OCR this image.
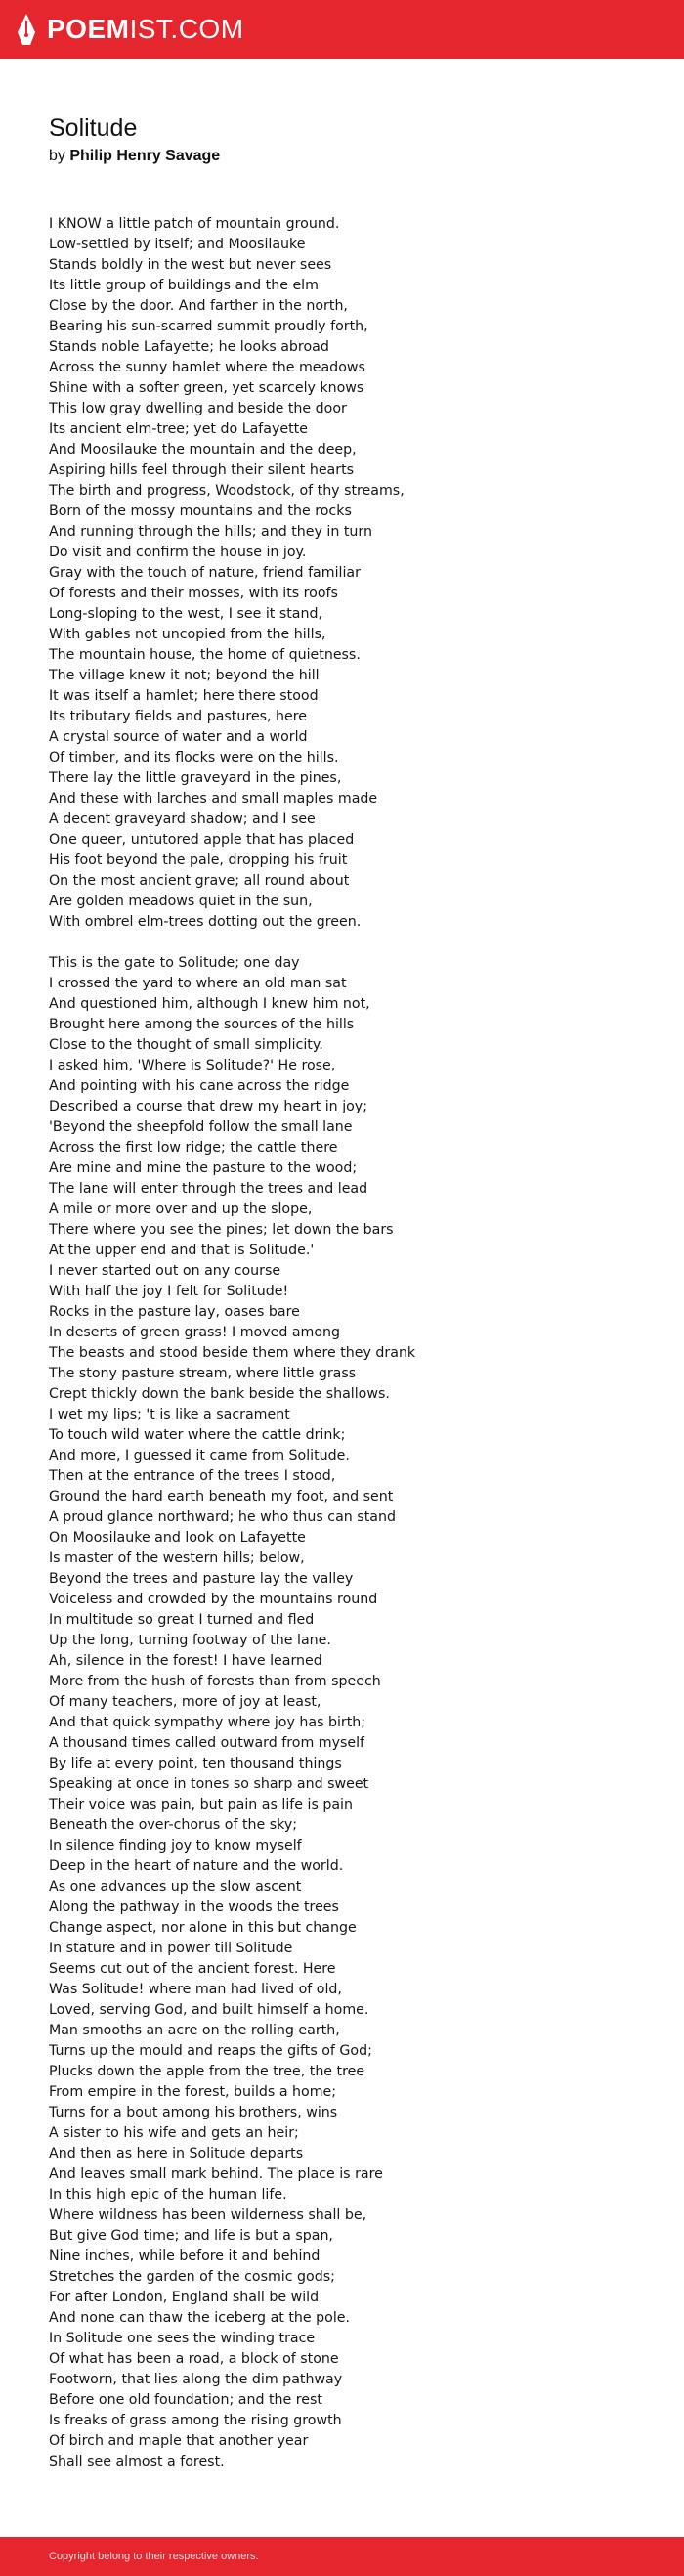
POEMIST.COM
Solitude
by Philip Henry Savage
I KNOW a little patch of mountain ground.
Low-settled by itself; and Moosilauke
Stands boldly in the west but never sees
Its little group of buildings and the elm
Close by the door. And farther in the north,
Bearing his sun-scarred summit proudly forth,
Stands noble Lafayette; he looks abroad
Across the sunny hamlet where the meadows
Shine with a softer green, yet scarcely knows
This low gray dwelling and beside the door
Its ancient elm-tree; yet do Lafayette
And Moosilauke the mountain and the deep,
Aspiring hills feel through their silent hearts
The birth and progress, Woodstock, of thy streams,
Born of the mossy mountains and the rocks
And running through the hills; and they in turn
Do visit and confirm the house in joy.
Gray with the touch of nature, friend familiar
Of forests and their mosses, with its roofs
Long-sloping to the west, I see it stand,
With gables not uncopied from the hills,
The mountain house, the home of quietness.
The village knew it not; beyond the hill
It was itself a hamlet; here there stood
Its tributary fields and pastures, here
A crystal source of water and a world
Of timber, and its flocks were on the hills.
There lay the little graveyard in the pines,
And these with larches and small maples made
A decent graveyard shadow; and I see
One queer, untutored apple that has placed
His foot beyond the pale, dropping his fruit
On the most ancient grave; all round about
Are golden meadows quiet in the sun,
With ombrel elm-trees dotting out the green.
This is the gate to Solitude; one day
I crossed the yard to where an old man sat
And questioned him, although I knew him not,
Brought here among the sources of the hills
Close to the thought of small simplicity.
I asked him, 'Where is Solitude?' He rose,
And pointing with his cane across the ridge
Described a course that drew my heart in joy;
'Beyond the sheepfold follow the small lane
Across the first low ridge; the cattle there
Are mine and mine the pasture to the wood;
The lane will enter through the trees and lead
A mile or more over and up the slope,
There where you see the pines; let down the bars
At the upper end and that is Solitude.'
I never started out on any course
With half the joy I felt for Solitude!
Rocks in the pasture lay, oases bare
In deserts of green grass! I moved among
The beasts and stood beside them where they drank
The stony pasture stream, where little grass
Crept thickly down the bank beside the shallows.
I wet my lips; 't is like a sacrament
To touch wild water where the cattle drink;
And more, I guessed it came from Solitude.
Then at the entrance of the trees I stood,
Ground the hard earth beneath my foot, and sent
A proud glance northward; he who thus can stand
On Moosilauke and look on Lafayette
Is master of the western hills; below,
Beyond the trees and pasture lay the valley
Voiceless and crowded by the mountains round
In multitude so great I turned and fled
Up the long, turning footway of the lane.
Ah, silence in the forest! I have learned
More from the hush of forests than from speech
Of many teachers, more of joy at least,
And that quick sympathy where joy has birth;
A thousand times called outward from myself
By life at every point, ten thousand things
Speaking at once in tones so sharp and sweet
Their voice was pain, but pain as life is pain
Beneath the over-chorus of the sky;
In silence finding joy to know myself
Deep in the heart of nature and the world.
As one advances up the slow ascent
Along the pathway in the woods the trees
Change aspect, nor alone in this but change
In stature and in power till Solitude
Seems cut out of the ancient forest. Here
Was Solitude! where man had lived of old,
Loved, serving God, and built himself a home.
Man smooths an acre on the rolling earth,
Turns up the mould and reaps the gifts of God;
Plucks down the apple from the tree, the tree
From empire in the forest, builds a home;
Turns for a bout among his brothers, wins
A sister to his wife and gets an heir;
And then as here in Solitude departs
And leaves small mark behind. The place is rare
In this high epic of the human life.
Where wildness has been wilderness shall be,
But give God time; and life is but a span,
Nine inches, while before it and behind
Stretches the garden of the cosmic gods;
For after London, England shall be wild
And none can thaw the iceberg at the pole.
In Solitude one sees the winding trace
Of what has been a road, a block of stone
Footworn, that lies along the dim pathway
Before one old foundation; and the rest
Is freaks of grass among the rising growth
Of birch and maple that another year
Shall see almost a forest.
Copyright belong to their respective owners.
